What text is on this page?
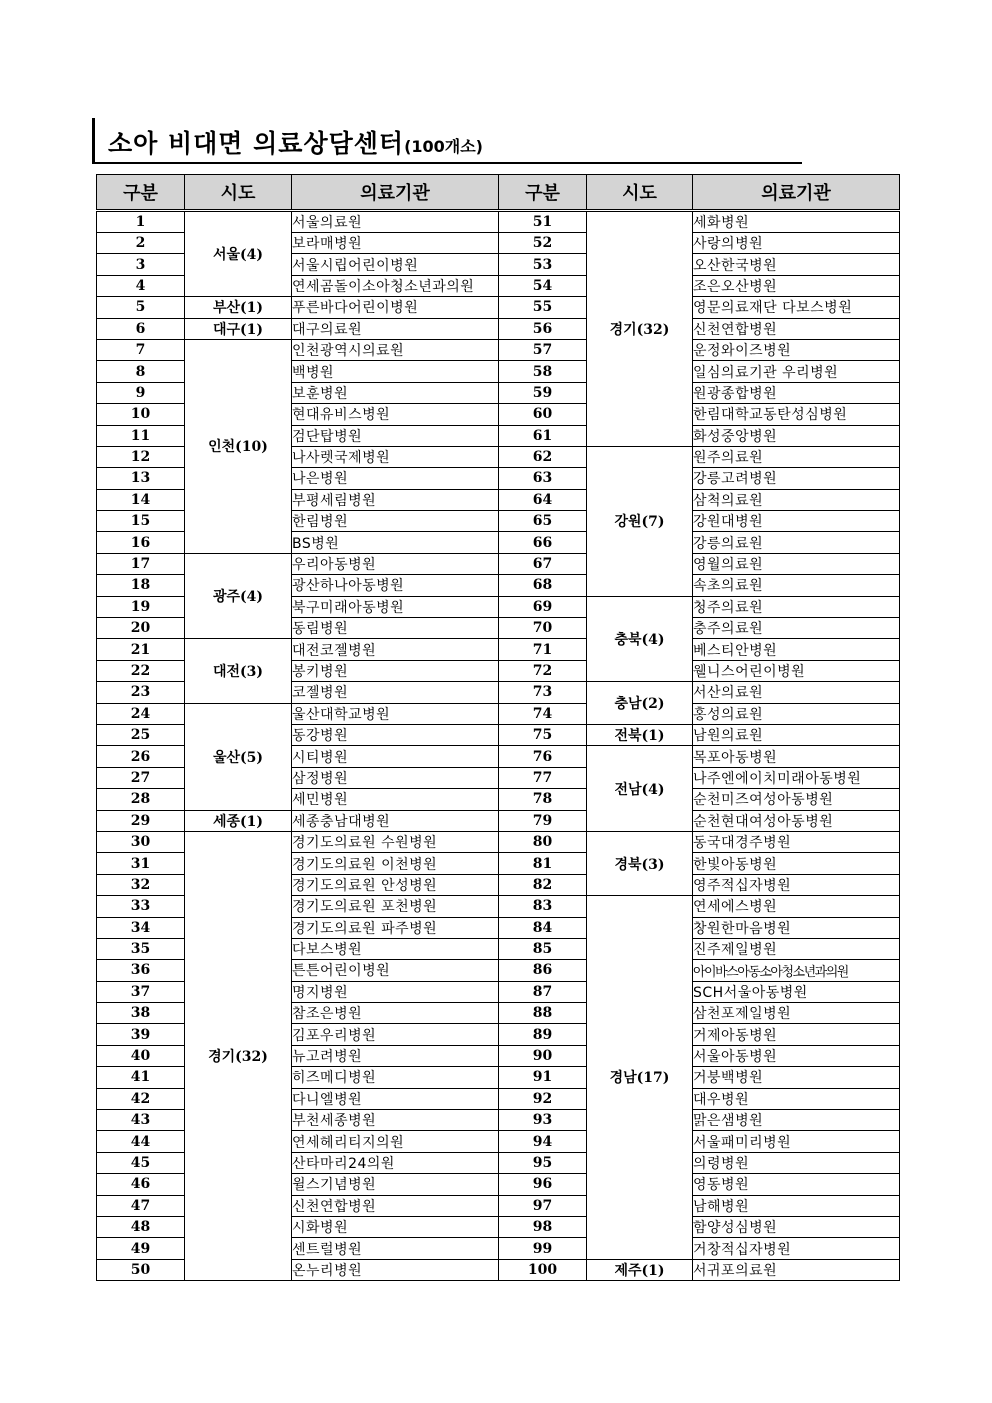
소아 비대면 의료상담센터(100개소)
구분	시도	의료기관	구분	시도	의료기관
1	서울(4)	서울의료원	51	경기(32)	세화병원
2		보라매병원	52		사랑의병원
3		서울시립어린이병원	53		오산한국병원
4		연세곰돌이소아청소년과의원	54		조은오산병원
5	부산(1)	푸른바다어린이병원	55		영문의료재단 다보스병원
6	대구(1)	대구의료원	56		신천연합병원
7	인천(10)	인천광역시의료원	57		운정와이즈병원
8		백병원	58		일심의료기관 우리병원
9		보훈병원	59		원광종합병원
10		현대유비스병원	60		한림대학교동탄성심병원
11		검단탑병원	61		화성중앙병원
12		나사렛국제병원	62	강원(7)	원주의료원
13		나은병원	63		강릉고려병원
14		부평세림병원	64		삼척의료원
15		한림병원	65		강원대병원
16		BS병원	66		강릉의료원
17	광주(4)	우리아동병원	67		영월의료원
18		광산하나아동병원	68		속초의료원
19		북구미래아동병원	69	충북(4)	청주의료원
20		동림병원	70		충주의료원
21	대전(3)	대전코젤병원	71		베스티안병원
22		봉키병원	72		웰니스어린이병원
23		코젤병원	73	충남(2)	서산의료원
24	울산(5)	울산대학교병원	74		홍성의료원
25		동강병원	75	전북(1)	남원의료원
26		시티병원	76	전남(4)	목포아동병원
27		삼정병원	77		나주엔에이치미래아동병원
28		세민병원	78		순천미즈여성아동병원
29	세종(1)	세종충남대병원	79		순천현대여성아동병원
30	경기(32)	경기도의료원 수원병원	80	경북(3)	동국대경주병원
31		경기도의료원 이천병원	81		한빛아동병원
32		경기도의료원 안성병원	82		영주적십자병원
33		경기도의료원 포천병원	83	경남(17)	연세에스병원
34		경기도의료원 파주병원	84		창원한마음병원
35		다보스병원	85		진주제일병원
36		튼튼어린이병원	86		아이바스아동소아청소년과의원
37		명지병원	87		SCH서울아동병원
38		참조은병원	88		삼천포제일병원
39		김포우리병원	89		거제아동병원
40		뉴고려병원	90		서울아동병원
41		히즈메디병원	91		거붕백병원
42		다니엘병원	92		대우병원
43		부천세종병원	93		맑은샘병원
44		연세헤리티지의원	94		서울패미리병원
45		산타마리24의원	95		의령병원
46		윌스기념병원	96		영동병원
47		신천연합병원	97		남해병원
48		시화병원	98		함양성심병원
49		센트럴병원	99		거창적십자병원
50		온누리병원	100	제주(1)	서귀포의료원
